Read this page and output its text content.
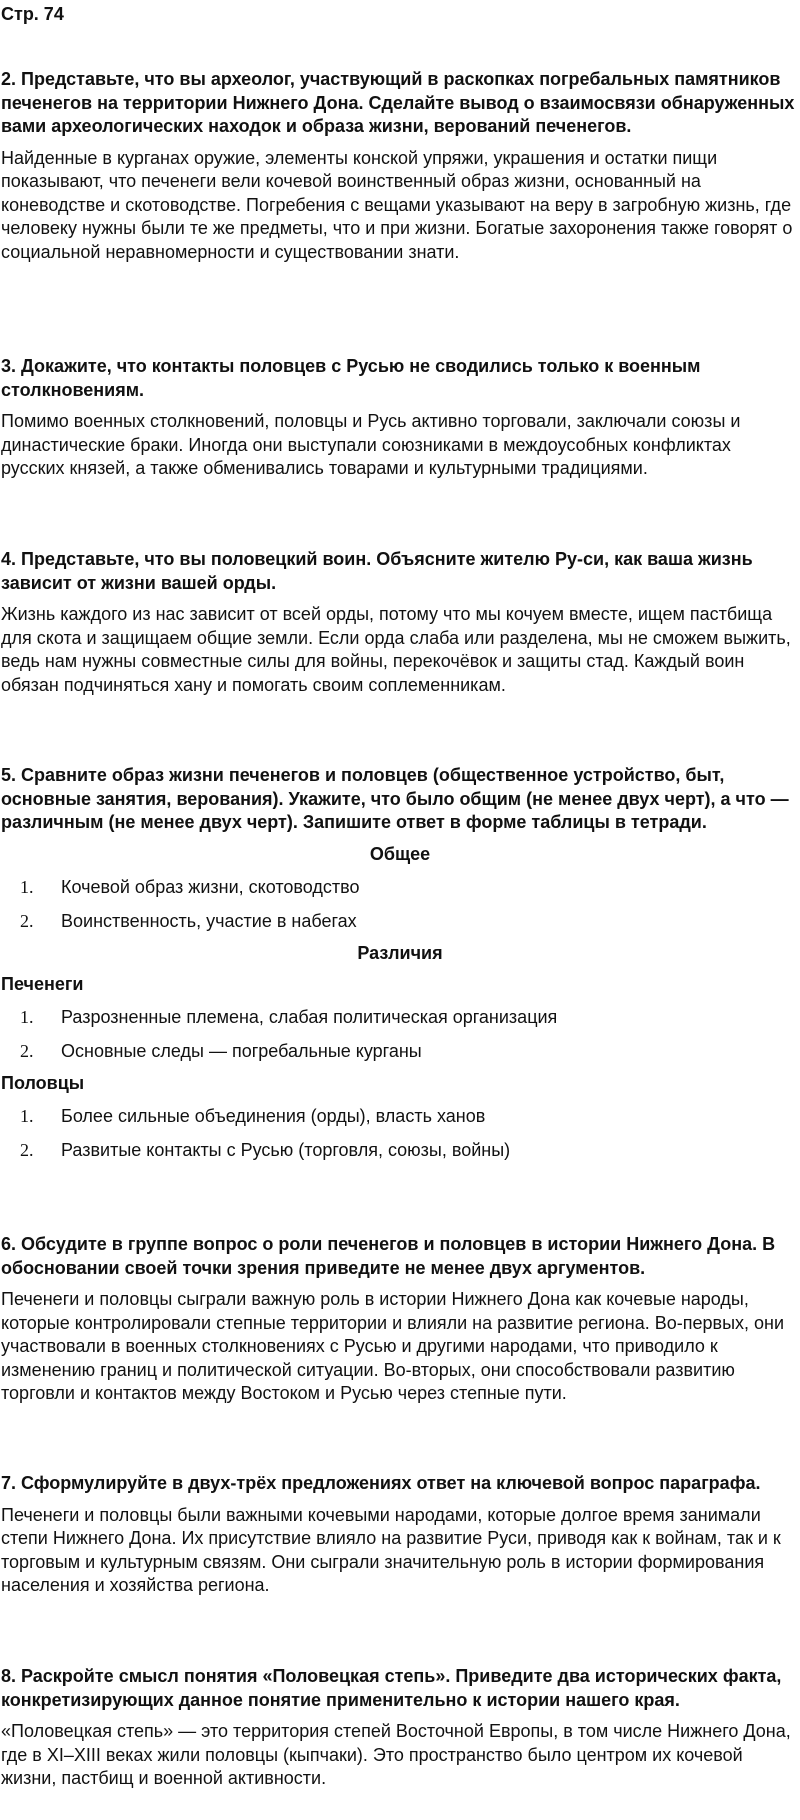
Стр. 74

2. Представьте, что вы археолог, участвующий в раскопках погребальных памятников печенегов на территории Нижнего Дона. Сделайте вывод о взаимосвязи обнаруженных вами археологических находок и образа жизни, верований печенегов.

Найденные в курганах оружие, элементы конской упряжи, украшения и остатки пищи показывают, что печенеги вели кочевой воинственный образ жизни, основанный на коневодстве и скотоводстве. Погребения с вещами указывают на веру в загробную жизнь, где человеку нужны были те же предметы, что и при жизни. Богатые захоронения также говорят о социальной неравномерности и существовании знати.

3. Докажите, что контакты половцев с Русью не сводились только к военным столкновениям.

Помимо военных столкновений, половцы и Русь активно торговали, заключали союзы и династические браки. Иногда они выступали союзниками в междоусобных конфликтах русских князей, а также обменивались товарами и культурными традициями.

4. Представьте, что вы половецкий воин. Объясните жителю Ру-си, как ваша жизнь зависит от жизни вашей орды.

Жизнь каждого из нас зависит от всей орды, потому что мы кочуем вместе, ищем пастбища для скота и защищаем общие земли. Если орда слаба или разделена, мы не сможем выжить, ведь нам нужны совместные силы для войны, перекочёвок и защиты стад. Каждый воин обязан подчиняться хану и помогать своим соплеменникам.

5. Сравните образ жизни печенегов и половцев (общественное устройство, быт, основные занятия, верования). Укажите, что было общим (не менее двух черт), а что — различным (не менее двух черт). Запишите ответ в форме таблицы в тетради.

Общее
1. Кочевой образ жизни, скотоводство
2. Воинственность, участие в набегах
Различия
Печенеги
1. Разрозненные племена, слабая политическая организация
2. Основные следы — погребальные курганы
Половцы
1. Более сильные объединения (орды), власть ханов
2. Развитые контакты с Русью (торговля, союзы, войны)

6. Обсудите в группе вопрос о роли печенегов и половцев в истории Нижнего Дона. В обосновании своей точки зрения приведите не менее двух аргументов.

Печенеги и половцы сыграли важную роль в истории Нижнего Дона как кочевые народы, которые контролировали степные территории и влияли на развитие региона. Во-первых, они участвовали в военных столкновениях с Русью и другими народами, что приводило к изменению границ и политической ситуации. Во-вторых, они способствовали развитию торговли и контактов между Востоком и Русью через степные пути.

7. Сформулируйте в двух-трёх предложениях ответ на ключевой вопрос параграфа.

Печенеги и половцы были важными кочевыми народами, которые долгое время занимали степи Нижнего Дона. Их присутствие влияло на развитие Руси, приводя как к войнам, так и к торговым и культурным связям. Они сыграли значительную роль в истории формирования населения и хозяйства региона.

8. Раскройте смысл понятия «Половецкая степь». Приведите два исторических факта, конкретизирующих данное понятие применительно к истории нашего края.

«Половецкая степь» — это территория степей Восточной Европы, в том числе Нижнего Дона, где в XI–XIII веках жили половцы (кыпчаки). Это пространство было центром их кочевой жизни, пастбищ и военной активности.
